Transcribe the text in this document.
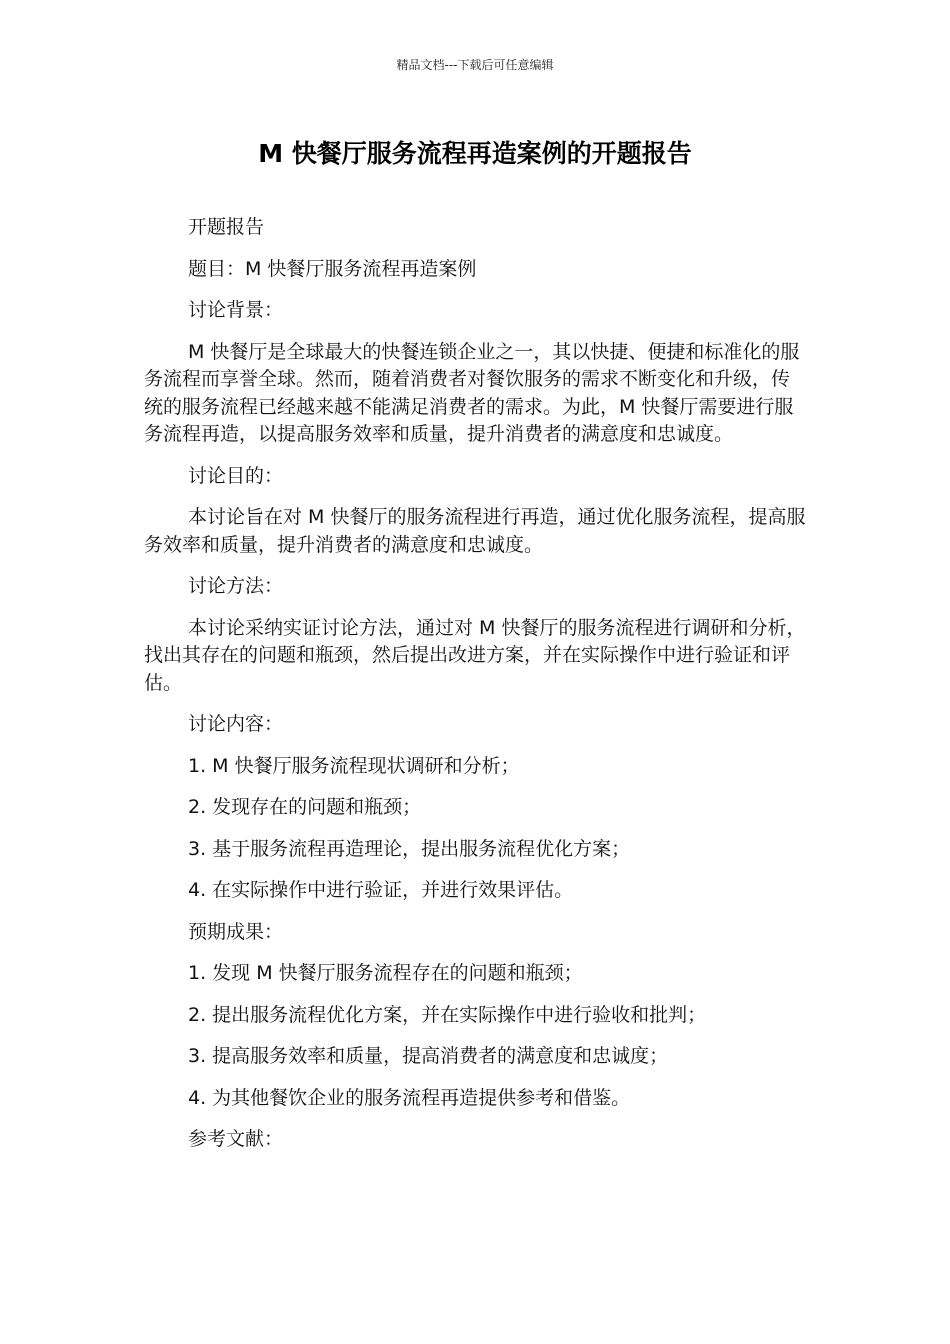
精品文档---下载后可任意编辑
M 快餐厅服务流程再造案例的开题报告

开题报告

题目：M 快餐厅服务流程再造案例

讨论背景：

M 快餐厅是全球最大的快餐连锁企业之一，其以快捷、便捷和标准化的服务流程而享誉全球。然而，随着消费者对餐饮服务的需求不断变化和升级，传统的服务流程已经越来越不能满足消费者的需求。为此，M 快餐厅需要进行服务流程再造，以提高服务效率和质量，提升消费者的满意度和忠诚度。

讨论目的：

本讨论旨在对 M 快餐厅的服务流程进行再造，通过优化服务流程，提高服务效率和质量，提升消费者的满意度和忠诚度。

讨论方法：

本讨论采纳实证讨论方法，通过对 M 快餐厅的服务流程进行调研和分析，找出其存在的问题和瓶颈，然后提出改进方案，并在实际操作中进行验证和评估。

讨论内容：

1. M 快餐厅服务流程现状调研和分析；

2. 发现存在的问题和瓶颈；

3. 基于服务流程再造理论，提出服务流程优化方案；

4. 在实际操作中进行验证，并进行效果评估。

预期成果：

1. 发现 M 快餐厅服务流程存在的问题和瓶颈；

2. 提出服务流程优化方案，并在实际操作中进行验收和批判；

3. 提高服务效率和质量，提高消费者的满意度和忠诚度；

4. 为其他餐饮企业的服务流程再造提供参考和借鉴。

参考文献：
